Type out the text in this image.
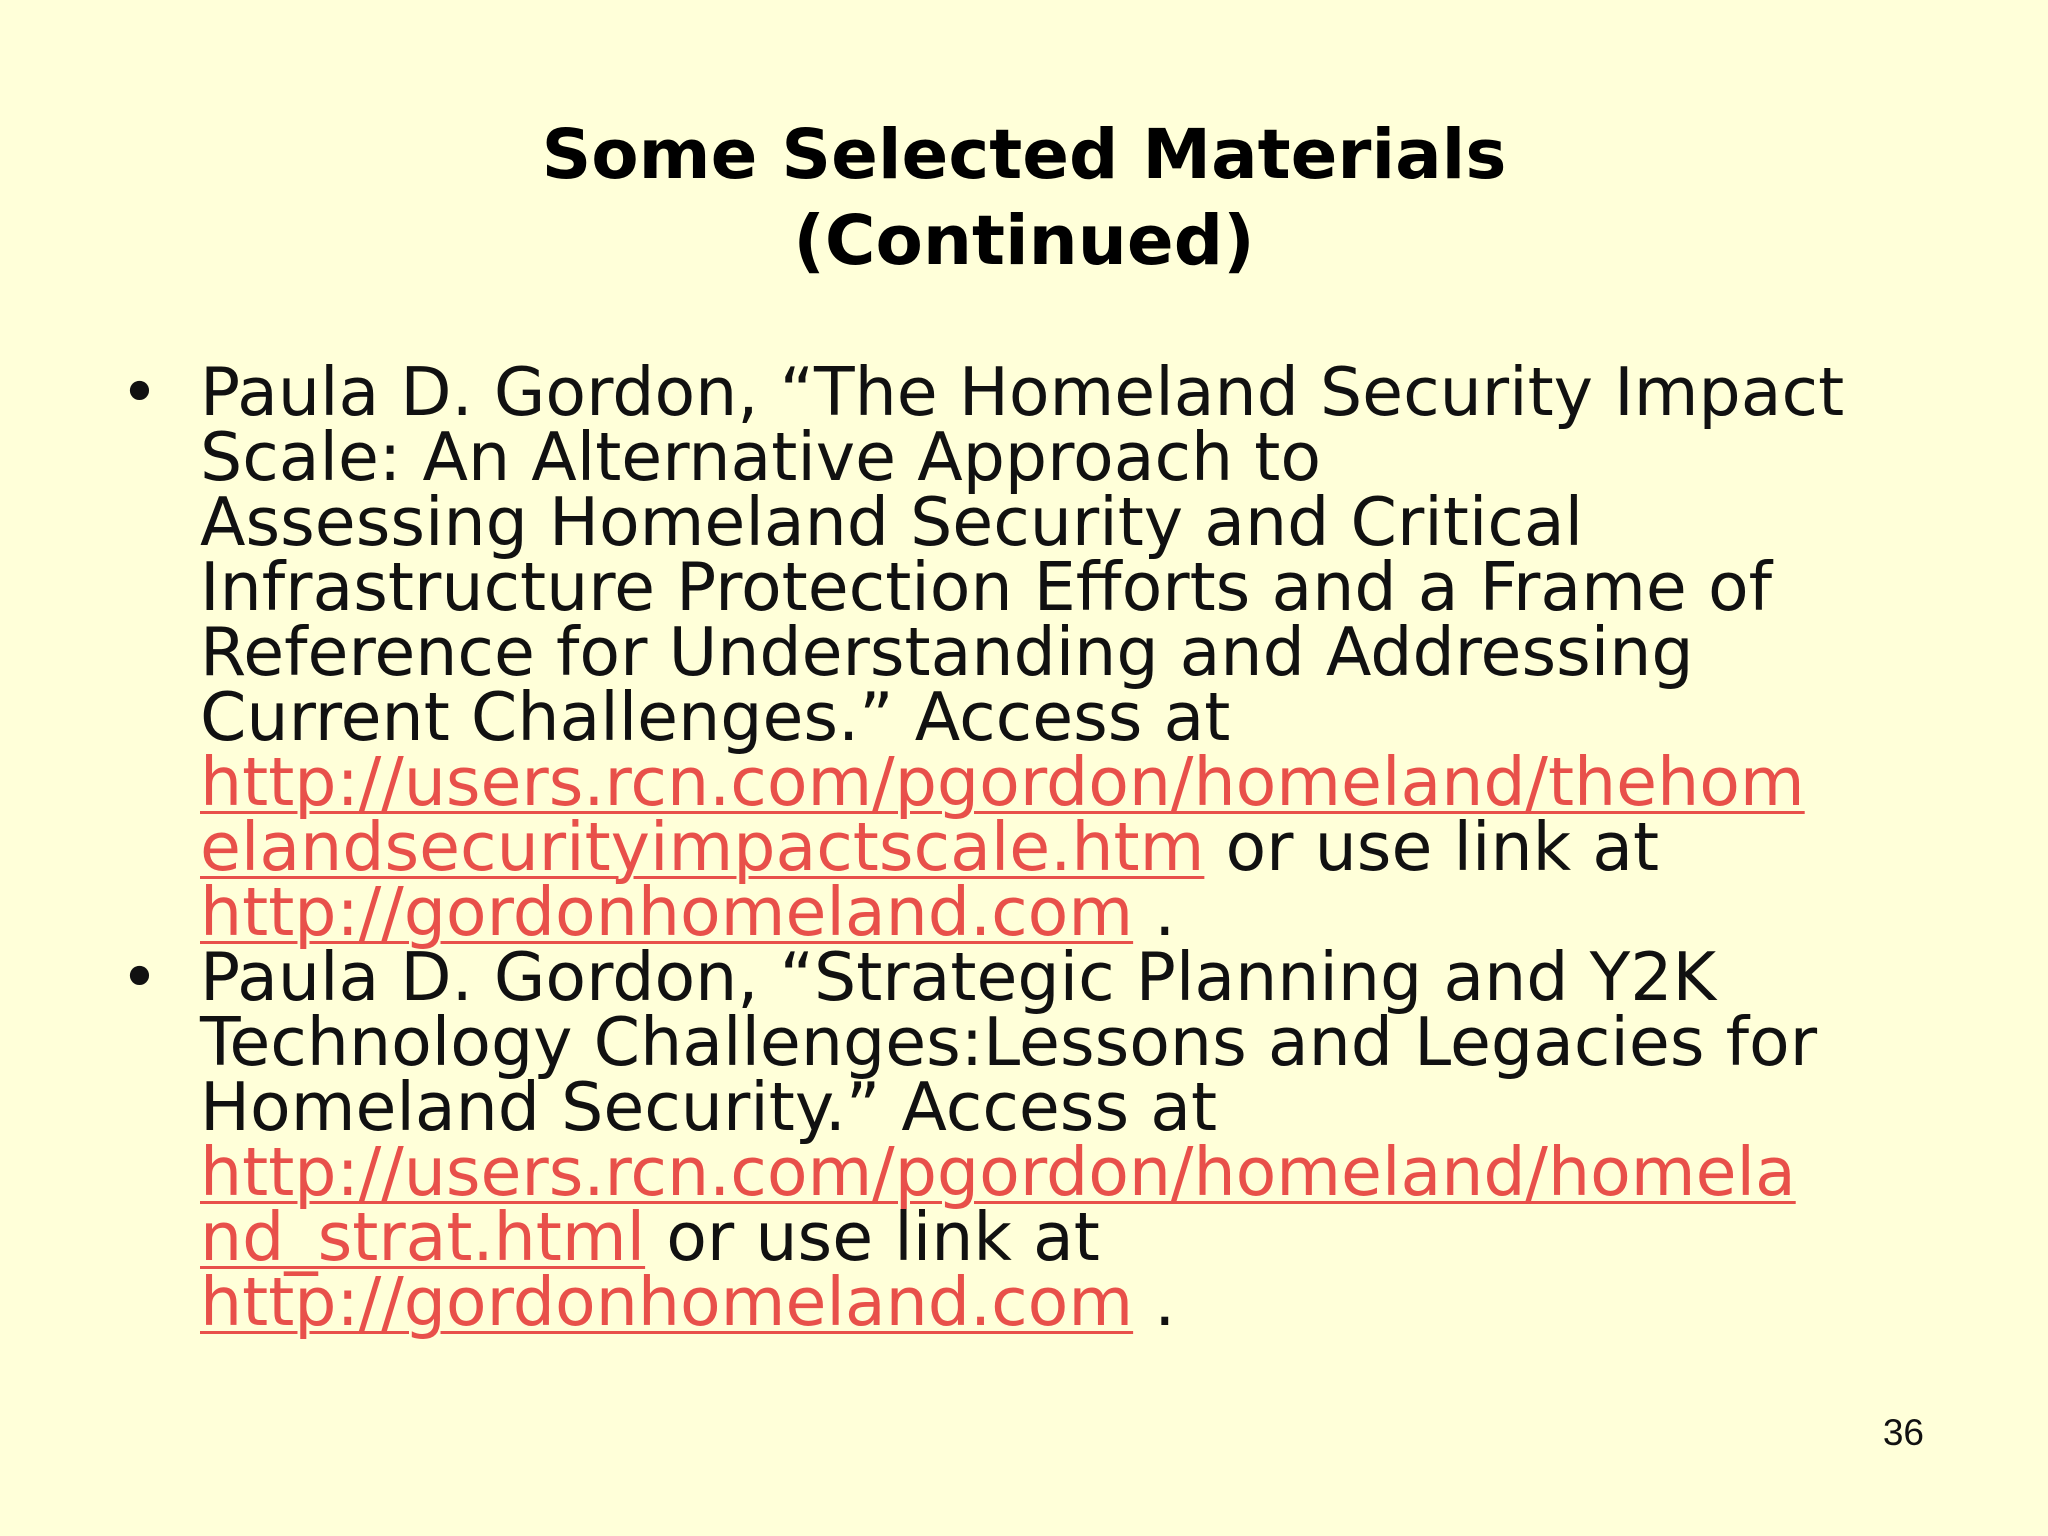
Some Selected Materials
(Continued)
• Paula D. Gordon, “The Homeland Security Impact
Scale: An Alternative Approach to
Assessing Homeland Security and Critical
Infrastructure Protection Efforts and a Frame of
Reference for Understanding and Addressing
Current Challenges.” Access at
http://users.rcn.com/pgordon/homeland/thehom
elandsecurityimpactscale.htm or use link at
http://gordonhomeland.com .
• Paula D. Gordon, “Strategic Planning and Y2K
Technology Challenges:Lessons and Legacies for
Homeland Security.” Access at
http://users.rcn.com/pgordon/homeland/homela
nd_strat.html or use link at
http://gordonhomeland.com .
36
